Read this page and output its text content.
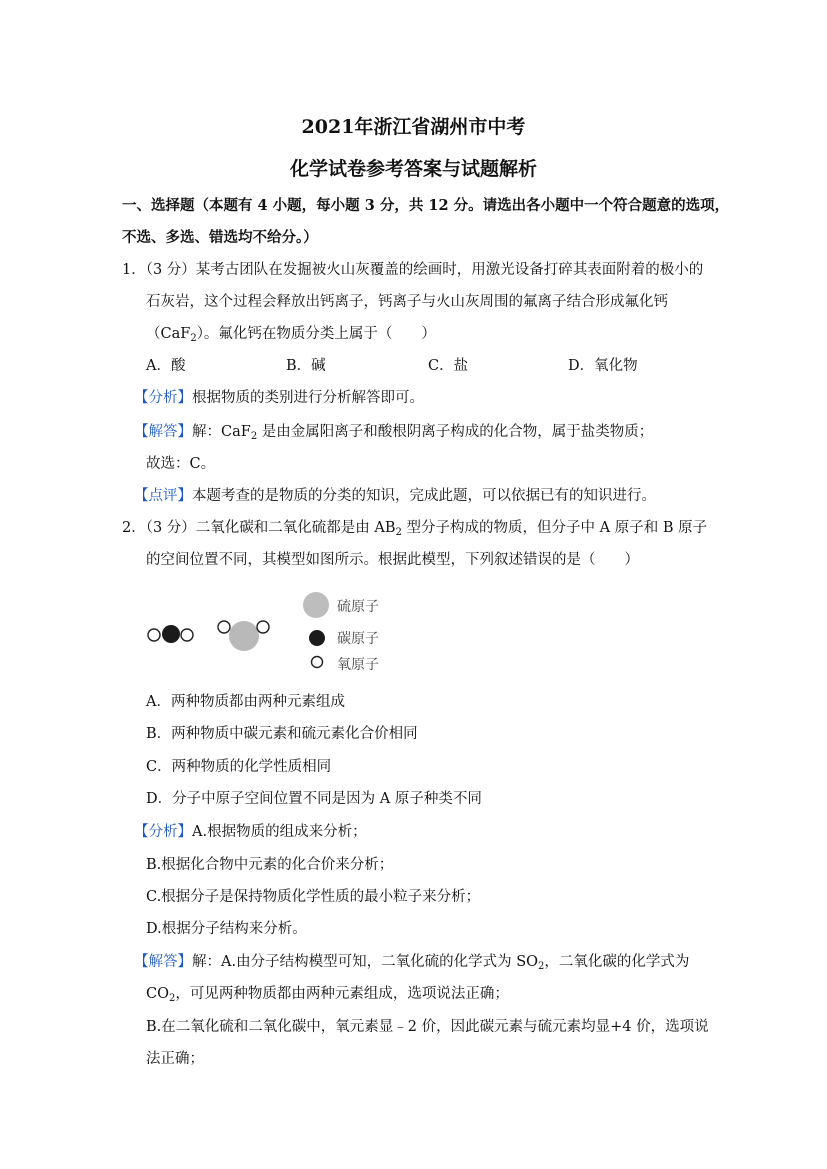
2021年浙江省湖州市中考
化学试卷参考答案与试题解析
一、选择题（本题有 4 小题，每小题 3 分，共 12 分。请选出各小题中一个符合题意的选项，
不选、多选、错选均不给分。）
1．（3 分）某考古团队在发掘被火山灰覆盖的绘画时，用激光设备打碎其表面附着的极小的
石灰岩，这个过程会释放出钙离子，钙离子与火山灰周围的氟离子结合形成氟化钙
（CaF$_2$）。氟化钙在物质分类上属于（　　）
A．酸	B．碱	C．盐	D．氧化物
【分析】根据物质的类别进行分析解答即可。
【解答】解：CaF$_2$ 是由金属阳离子和酸根阴离子构成的化合物，属于盐类物质；
故选：C。
【点评】本题考查的是物质的分类的知识，完成此题，可以依据已有的知识进行。
2．（3 分）二氧化碳和二氧化硫都是由 $AB_2$ 型分子构成的物质，但分子中 A 原子和 B 原子
的空间位置不同，其模型如图所示。根据此模型，下列叙述错误的是（　　）
硫原子
碳原子
氧原子
A．两种物质都由两种元素组成
B．两种物质中碳元素和硫元素化合价相同
C．两种物质的化学性质相同
D．分子中原子空间位置不同是因为 A 原子种类不同
【分析】A.根据物质的组成来分析；
B.根据化合物中元素的化合价来分析；
C.根据分子是保持物质化学性质的最小粒子来分析；
D.根据分子结构来分析。
【解答】解：A.由分子结构模型可知，二氧化硫的化学式为 $SO_2$，二氧化碳的化学式为
$CO_2$，可见两种物质都由两种元素组成，选项说法正确；
B.在二氧化硫和二氧化碳中，氧元素显﹣2 价，因此碳元素与硫元素均显+4 价，选项说
法正确；
